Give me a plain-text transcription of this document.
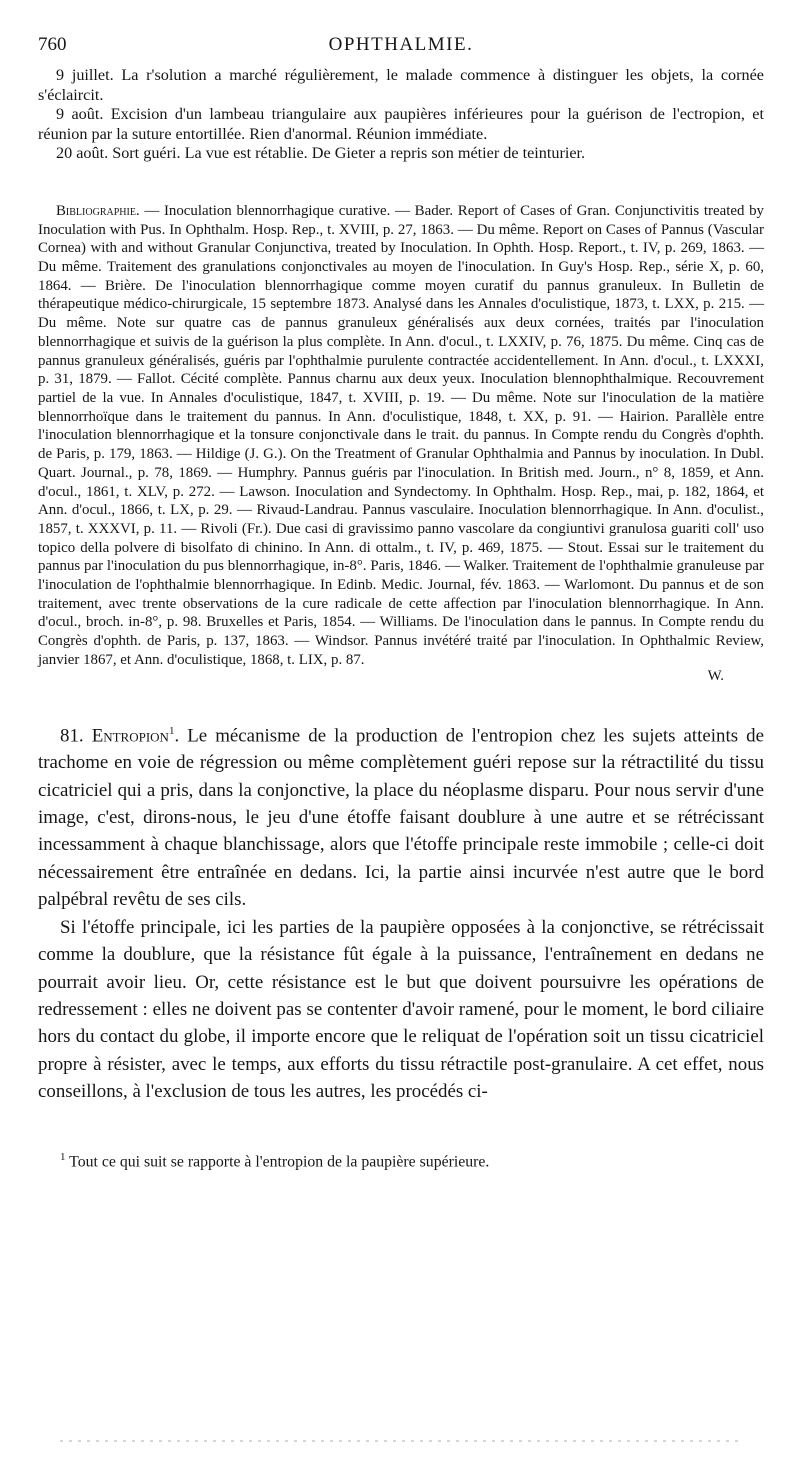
760	OPHTHALMIE.

9 juillet. La r'solution a marché régulièrement, le malade commence à distinguer les objets, la cornée s'éclaircit.

9 août. Excision d'un lambeau triangulaire aux paupières inférieures pour la guérison de l'ectropion, et réunion par la suture entortillée. Rien d'anormal. Réunion immédiate.

20 août. Sort guéri. La vue est rétablie. De Gieter a repris son métier de teinturier.

Bibliographie. — Inoculation blennorrhagique curative. — Bader. Report of Cases of Gran. Conjunctivitis treated by Inoculation with Pus. In Ophthalm. Hosp. Rep., t. XVIII, p. 27, 1863. — Du même. Report on Cases of Pannus (Vascular Cornea) with and without Granular Conjunctiva, treated by Inoculation. In Ophth. Hosp. Report., t. IV, p. 269, 1863. — Du même. Traitement des granulations conjonctivales au moyen de l'inoculation. In Guy's Hosp. Rep., série X, p. 60, 1864. — Brière. De l'inoculation blennorrhagique comme moyen curatif du pannus granuleux. In Bulletin de thérapeutique médico-chirurgicale, 15 septembre 1873. Analysé dans les Annales d'oculistique, 1873, t. LXX, p. 215. — Du même. Note sur quatre cas de pannus granuleux généralisés aux deux cornées, traités par l'inoculation blennorrhagique et suivis de la guérison la plus complète. In Ann. d'ocul., t. LXXIV, p. 76, 1875. Du même. Cinq cas de pannus granuleux généralisés, guéris par l'ophthalmie purulente contractée accidentellement. In Ann. d'ocul., t. LXXXI, p. 31, 1879. — Fallot. Cécité complète. Pannus charnu aux deux yeux. Inoculation blennophthalmique. Recouvrement partiel de la vue. In Annales d'oculistique, 1847, t. XVIII, p. 19. — Du même. Note sur l'inoculation de la matière blennorrhoïque dans le traitement du pannus. In Ann. d'oculistique, 1848, t. XX, p. 91. — Hairion. Parallèle entre l'inoculation blennorrhagique et la tonsure conjonctivale dans le trait. du pannus. In Compte rendu du Congrès d'ophth. de Paris, p. 179, 1863. — Hildige (J. G.). On the Treatment of Granular Ophthalmia and Pannus by inoculation. In Dubl. Quart. Journal., p. 78, 1869. — Humphry. Pannus guéris par l'inoculation. In British med. Journ., n° 8, 1859, et Ann. d'ocul., 1861, t. XLV, p. 272. — Lawson. Inoculation and Syndectomy. In Ophthalm. Hosp. Rep., mai, p. 182, 1864, et Ann. d'ocul., 1866, t. LX, p. 29. — Rivaud-Landrau. Pannus vasculaire. Inoculation blennorrhagique. In Ann. d'oculist., 1857, t. XXXVI, p. 11. — Rivoli (Fr.). Due casi di gravissimo panno vascolare da congiuntivi granulosa guariti coll' uso topico della polvere di bisolfato di chinino. In Ann. di ottalm., t. IV, p. 469, 1875. — Stout. Essai sur le traitement du pannus par l'inoculation du pus blennorrhagique, in-8°. Paris, 1846. — Walker. Traitement de l'ophthalmie granuleuse par l'inoculation de l'ophthalmie blennorrhagique. In Edinb. Medic. Journal, fév. 1863. — Warlomont. Du pannus et de son traitement, avec trente observations de la cure radicale de cette affection par l'inoculation blennorrhagique. In Ann. d'ocul., broch. in-8°, p. 98. Bruxelles et Paris, 1854. — Williams. De l'inoculation dans le pannus. In Compte rendu du Congrès d'ophth. de Paris, p. 137, 1863. — Windsor. Pannus invétéré traité par l'inoculation. In Ophthalmic Review, janvier 1867, et Ann. d'oculistique, 1868, t. LIX, p. 87.
W.

81. Entropion$^1$. Le mécanisme de la production de l'entropion chez les sujets atteints de trachome en voie de régression ou même complètement guéri repose sur la rétractilité du tissu cicatriciel qui a pris, dans la conjonctive, la place du néoplasme disparu. Pour nous servir d'une image, c'est, dirons-nous, le jeu d'une étoffe faisant doublure à une autre et se rétrécissant incessamment à chaque blanchissage, alors que l'étoffe principale reste immobile ; celle-ci doit nécessairement être entraînée en dedans. Ici, la partie ainsi incurvée n'est autre que le bord palpébral revêtu de ses cils.

Si l'étoffe principale, ici les parties de la paupière opposées à la conjonctive, se rétrécissait comme la doublure, que la résistance fût égale à la puissance, l'entraînement en dedans ne pourrait avoir lieu. Or, cette résistance est le but que doivent poursuivre les opérations de redressement : elles ne doivent pas se contenter d'avoir ramené, pour le moment, le bord ciliaire hors du contact du globe, il importe encore que le reliquat de l'opération soit un tissu cicatriciel propre à résister, avec le temps, aux efforts du tissu rétractile post-granulaire. A cet effet, nous conseillons, à l'exclusion de tous les autres, les procédés ci-

$^1$ Tout ce qui suit se rapporte à l'entropion de la paupière supérieure.
